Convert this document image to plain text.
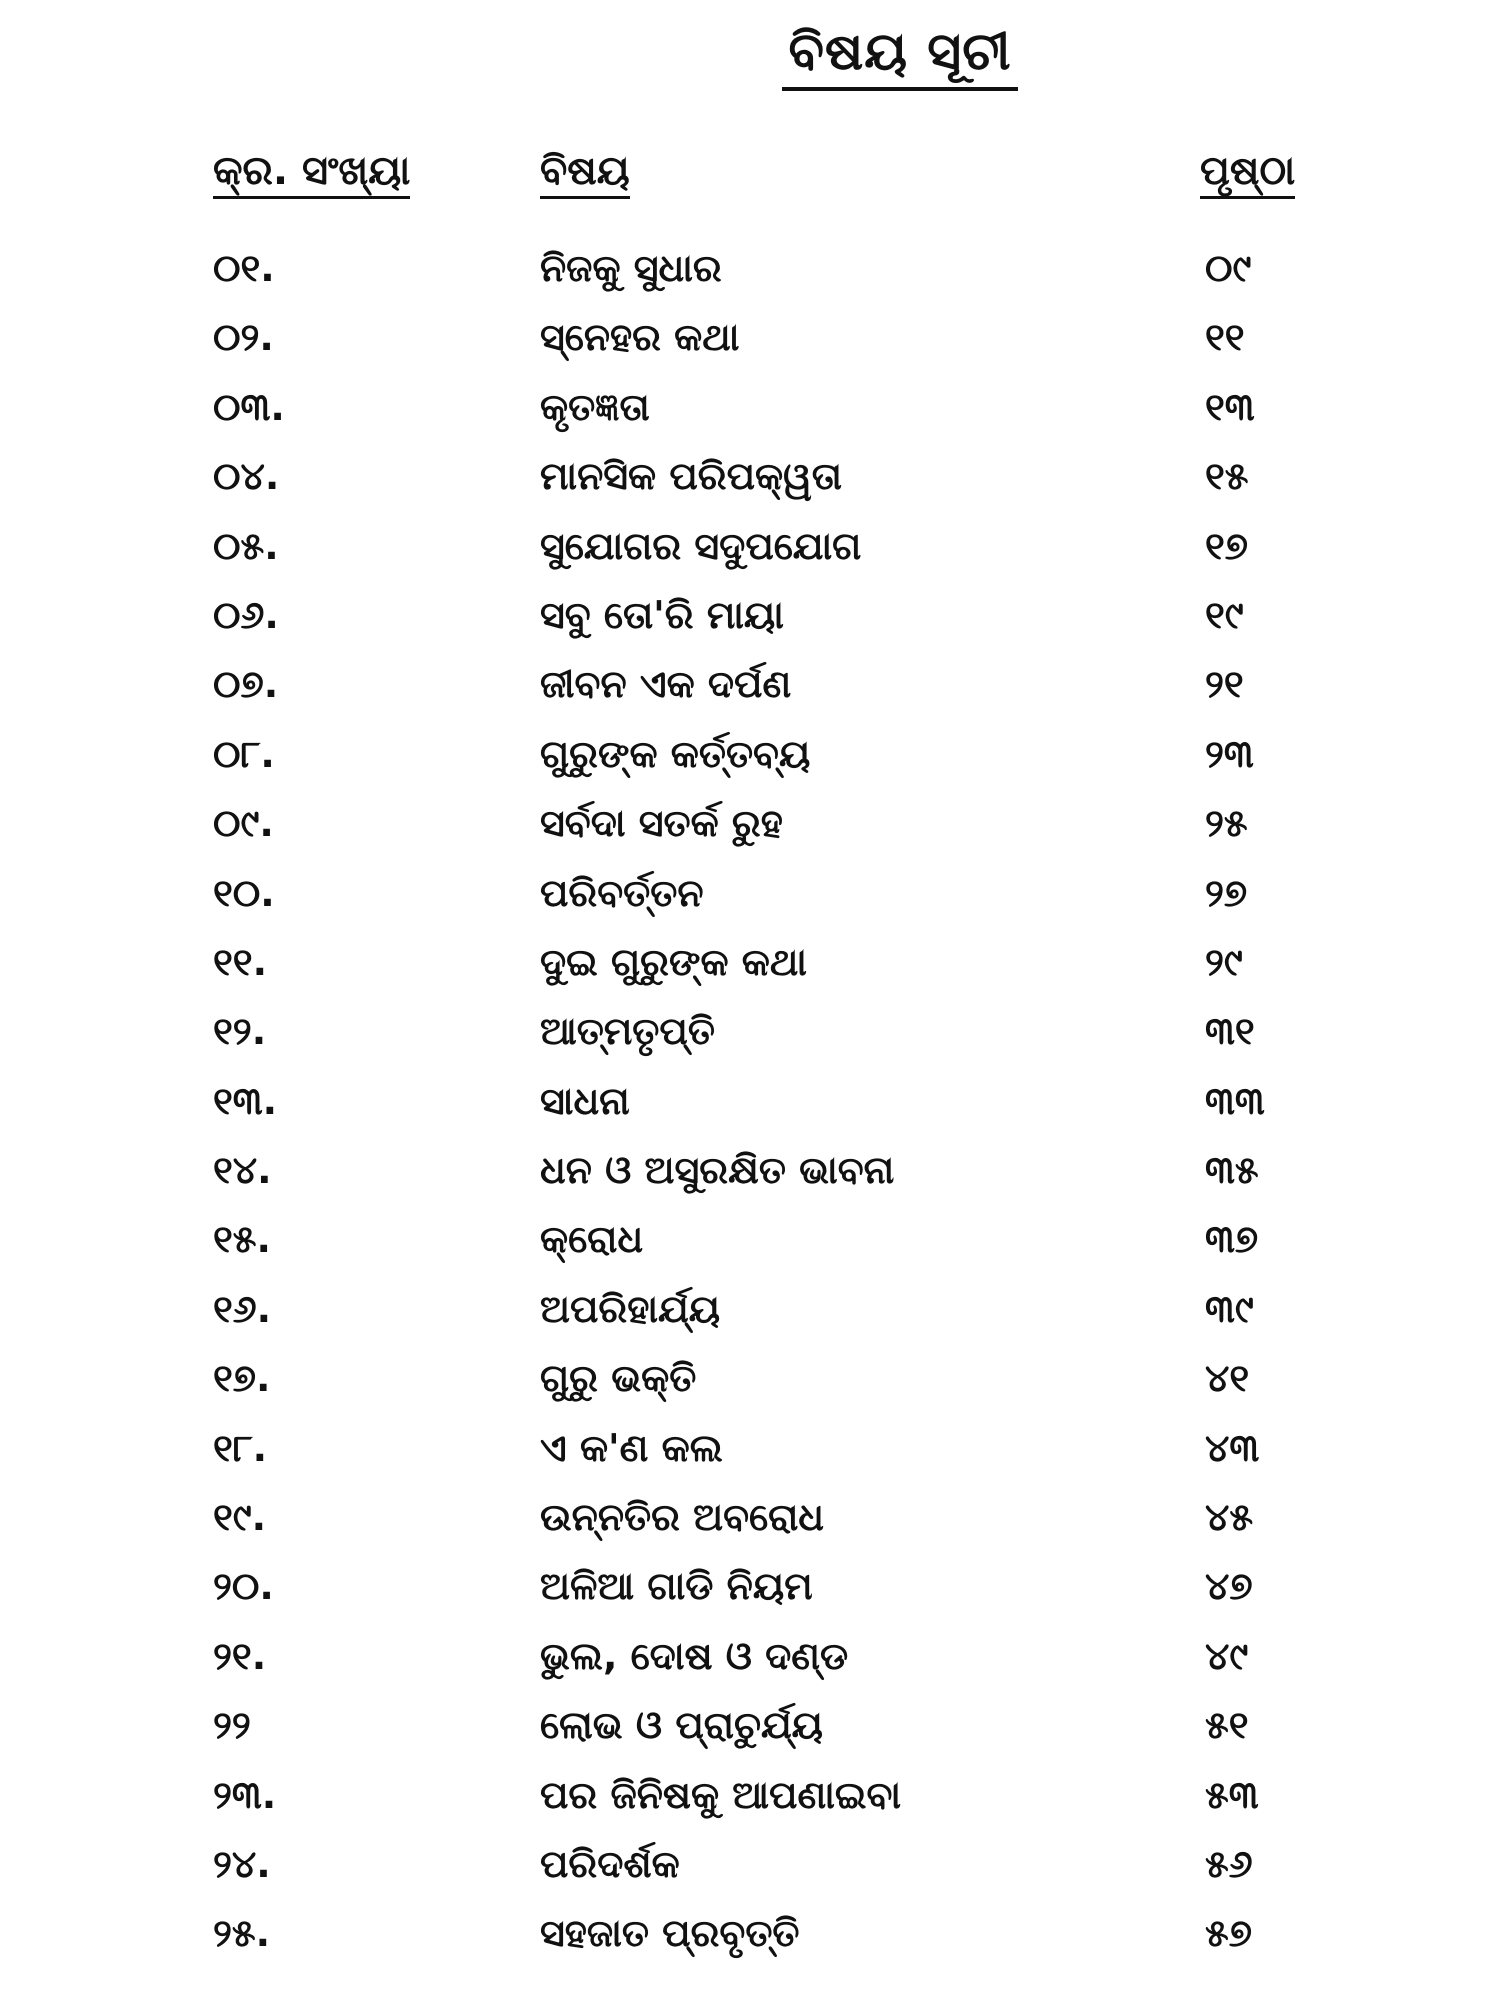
ବିଷୟ ସୂଚୀ
କ୍ର. ସଂଖ୍ୟା	ବିଷୟ	ପୃଷ୍ଠା
୦୧.	ନିଜକୁ ସୁଧାର	୦୯
୦୨.	ସ୍ନେହର କଥା	୧୧
୦୩.	କୃତଜ୍ଞତା	୧୩
୦୪.	ମାନସିକ ପରିପକ୍ୱତା	୧୫
୦୫.	ସୁଯୋଗର ସଦୁପଯୋଗ	୧୭
୦୬.	ସବୁ ତୋ'ରି ମାୟା	୧୯
୦୭.	ଜୀବନ ଏକ ଦର୍ପଣ	୨୧
୦୮.	ଗୁରୁଙ୍କ କର୍ତ୍ତବ୍ୟ	୨୩
୦୯.	ସର୍ବଦା ସତର୍କ ରୁହ	୨୫
୧୦.	ପରିବର୍ତ୍ତନ	୨୭
୧୧.	ଦୁଇ ଗୁରୁଙ୍କ କଥା	୨୯
୧୨.	ଆତ୍ମତୃପ୍ତି	୩୧
୧୩.	ସାଧନା	୩୩
୧୪.	ଧନ ଓ ଅସୁରକ୍ଷିତ ଭାବନା	୩୫
୧୫.	କ୍ରୋଧ	୩୭
୧୬.	ଅପରିହାର୍ଯ୍ୟ	୩୯
୧୭.	ଗୁରୁ ଭକ୍ତି	୪୧
୧୮.	ଏ କ'ଣ କଲ	୪୩
୧୯.	ଉନ୍ନତିର ଅବରୋଧ	୪୫
୨୦.	ଅଳିଆ ଗାଡି ନିୟମ	୪୭
୨୧.	ଭୁଲ, ଦୋଷ ଓ ଦଣ୍ଡ	୪୯
୨୨	ଲୋଭ ଓ ପ୍ରାଚୁର୍ଯ୍ୟ	୫୧
୨୩.	ପର ଜିନିଷକୁ ଆପଣାଇବା	୫୩
୨୪.	ପରିଦର୍ଶକ	୫୬
୨୫.	ସହଜାତ ପ୍ରବୃତ୍ତି	୫୭
